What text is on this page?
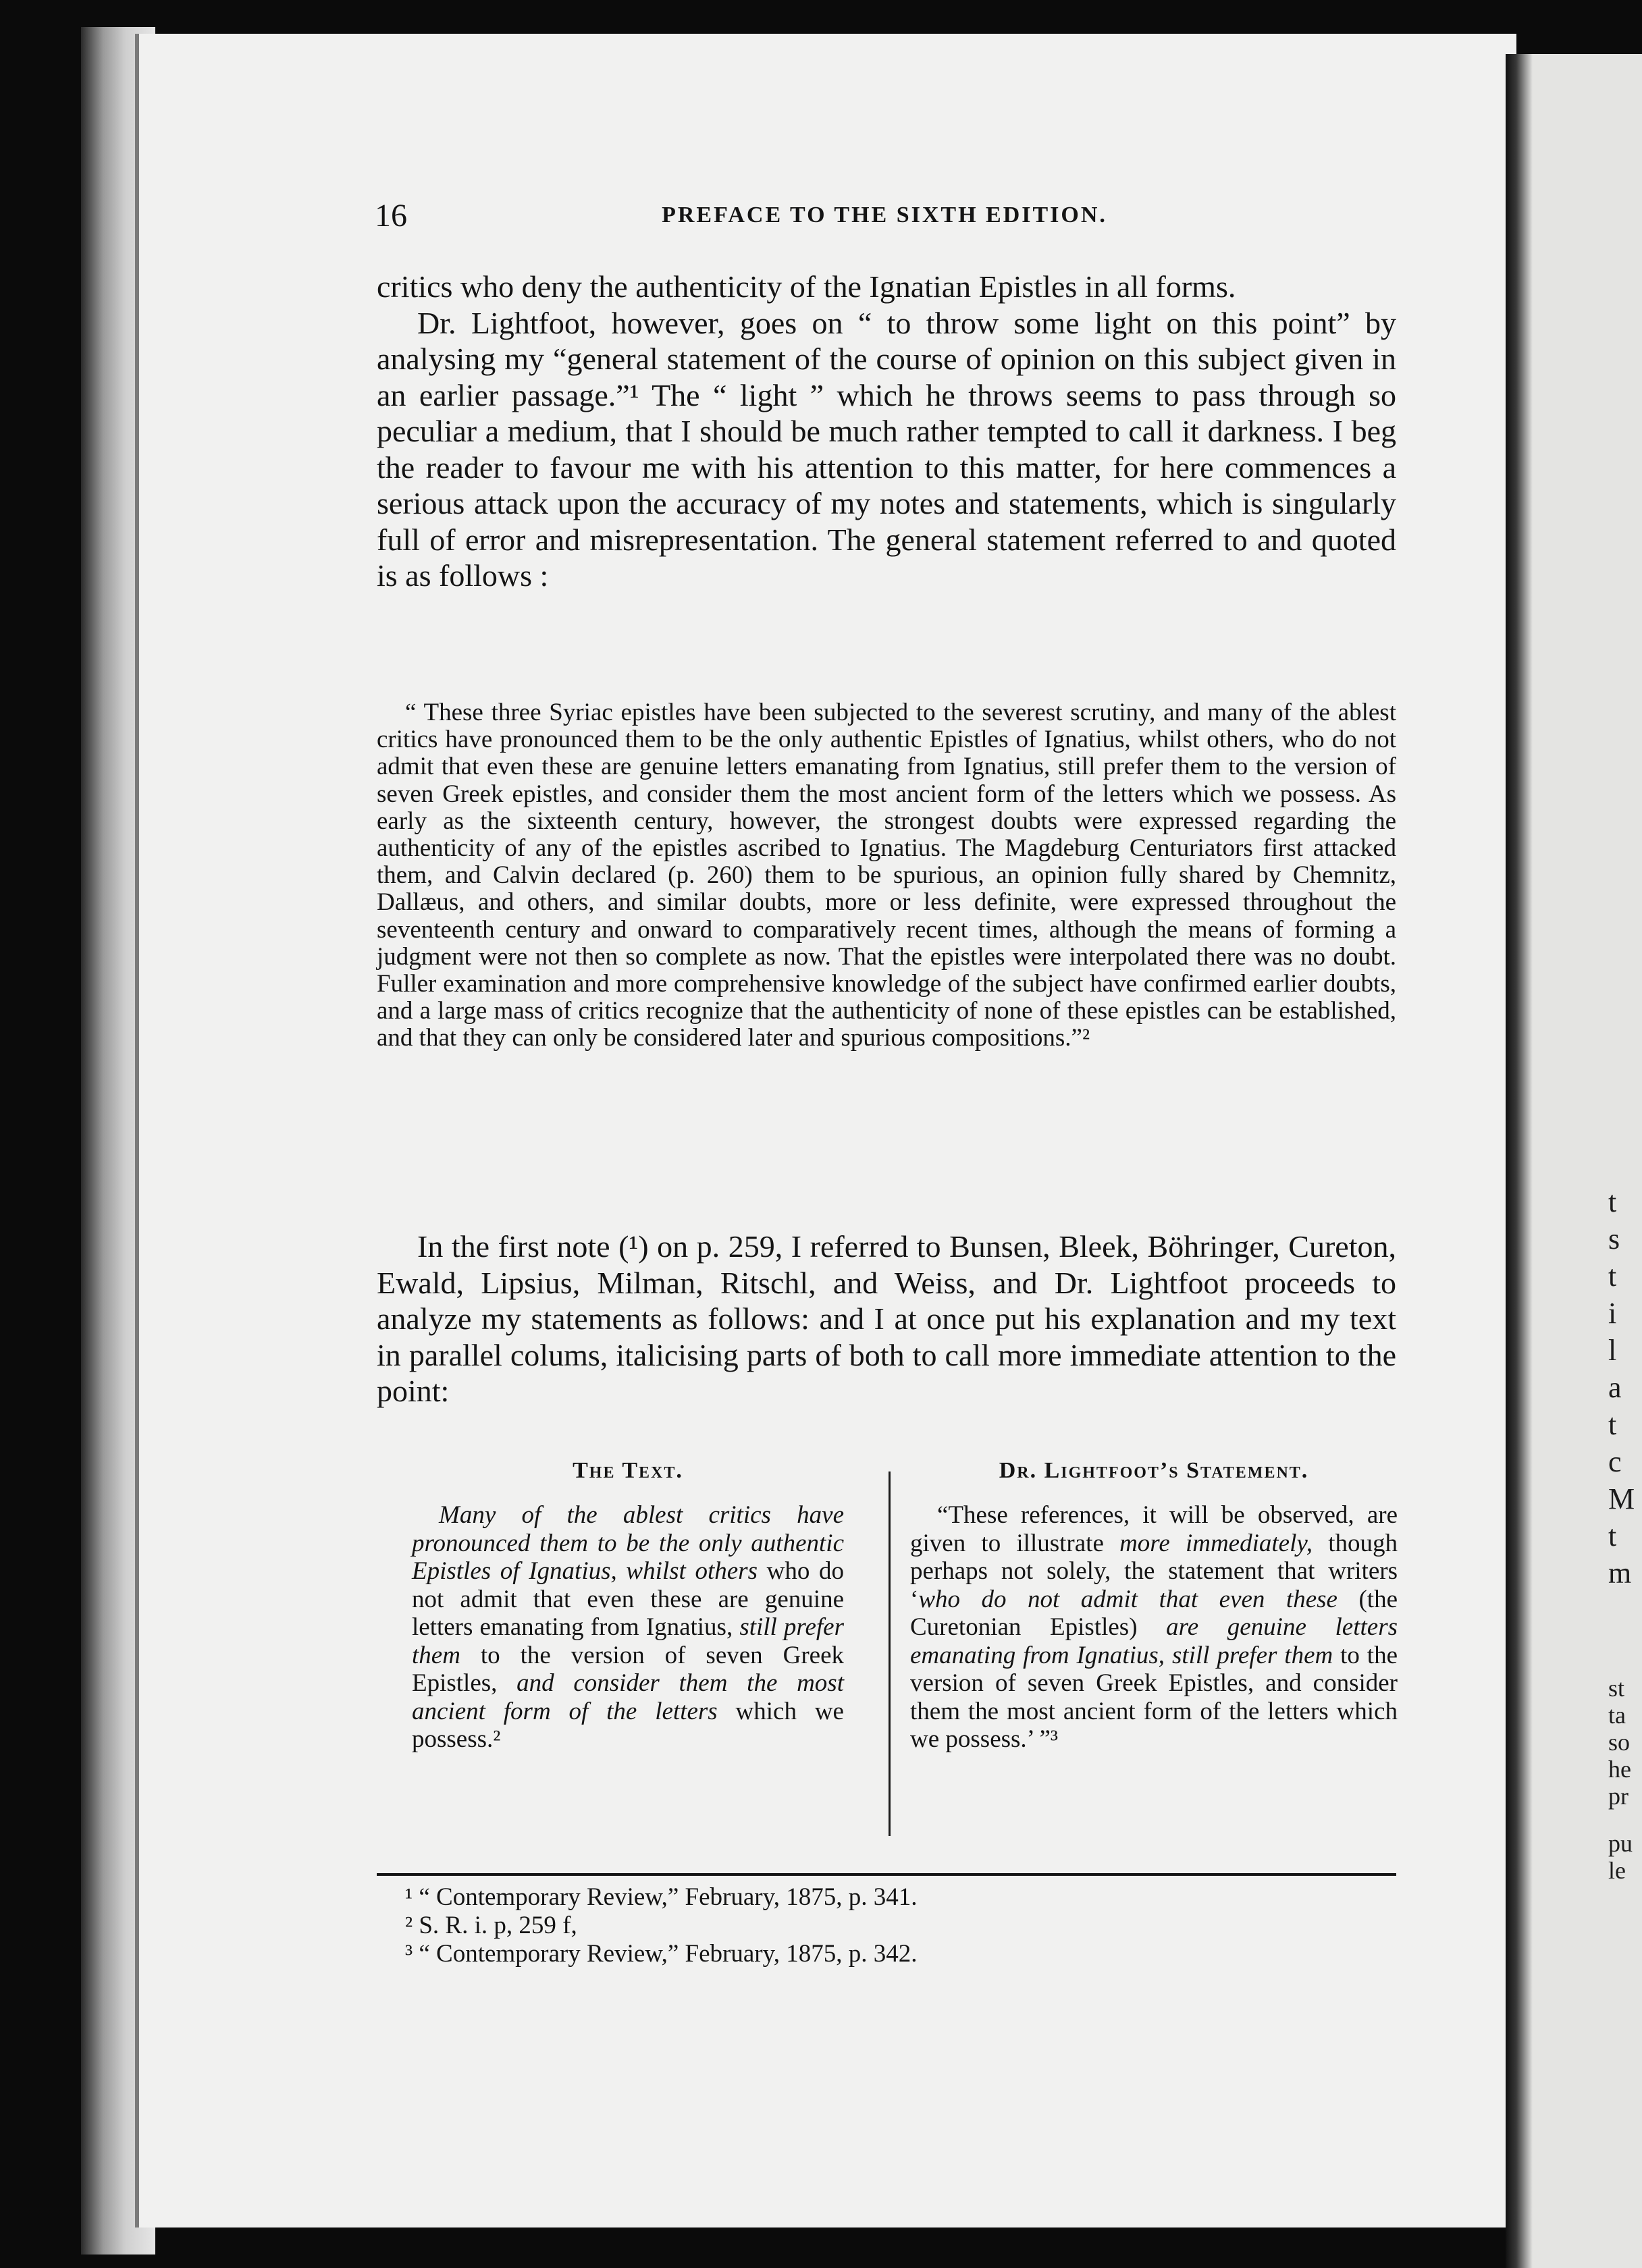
t
s
t
i
l
a
t
c
M
t
m
st
ta
so
he
pr
pu
le
16	PREFACE TO THE SIXTH EDITION.

critics who deny the authenticity of the Ignatian Epistles in all forms.

Dr. Lightfoot, however, goes on “ to throw some light on this point” by analysing my “general statement of the course of opinion on this subject given in an earlier passage.”¹ The “ light ” which he throws seems to pass through so peculiar a medium, that I should be much rather tempted to call it darkness. I beg the reader to favour me with his attention to this matter, for here commences a serious attack upon the accuracy of my notes and statements, which is singularly full of error and misrepresentation. The general statement referred to and quoted is as follows :

“ These three Syriac epistles have been subjected to the severest scrutiny, and many of the ablest critics have pronounced them to be the only authentic Epistles of Ignatius, whilst others, who do not admit that even these are genuine letters emanating from Ignatius, still prefer them to the version of seven Greek epistles, and consider them the most ancient form of the letters which we possess. As early as the sixteenth century, however, the strongest doubts were expressed regarding the authenticity of any of the epistles ascribed to Ignatius. The Magdeburg Centuriators first attacked them, and Calvin declared (p. 260) them to be spurious, an opinion fully shared by Chemnitz, Dallæus, and others, and similar doubts, more or less definite, were expressed throughout the seventeenth century and onward to comparatively recent times, although the means of forming a judgment were not then so complete as now. That the epistles were interpolated there was no doubt. Fuller examination and more comprehensive knowledge of the subject have confirmed earlier doubts, and a large mass of critics recognize that the authenticity of none of these epistles can be established, and that they can only be considered later and spurious compositions.”²

In the first note (¹) on p. 259, I referred to Bunsen, Bleek, Böhringer, Cureton, Ewald, Lipsius, Milman, Ritschl, and Weiss, and Dr. Lightfoot proceeds to analyze my statements as follows: and I at once put his explanation and my text in parallel colums, italicising parts of both to call more immediate attention to the point:

The Text.
Many of the ablest critics have pronounced them to be the only authentic Epistles of Ignatius, whilst others who do not admit that even these are genuine letters emanating from Ignatius, still prefer them to the version of seven Greek Epistles, and consider them the most ancient form of the letters which we possess.²
Dr. Lightfoot’s Statement.
“These references, it will be observed, are given to illustrate more immediately, though perhaps not solely, the statement that writers ‘who do not admit that even these (the Curetonian Epistles) are genuine letters emanating from Ignatius, still prefer them to the version of seven Greek Epistles, and consider them the most ancient form of the letters which we possess.’ ”³
¹ “ Contemporary Review,” February, 1875, p. 341.
² S. R. i. p, 259 f,
³ “ Contemporary Review,” February, 1875, p. 342.
